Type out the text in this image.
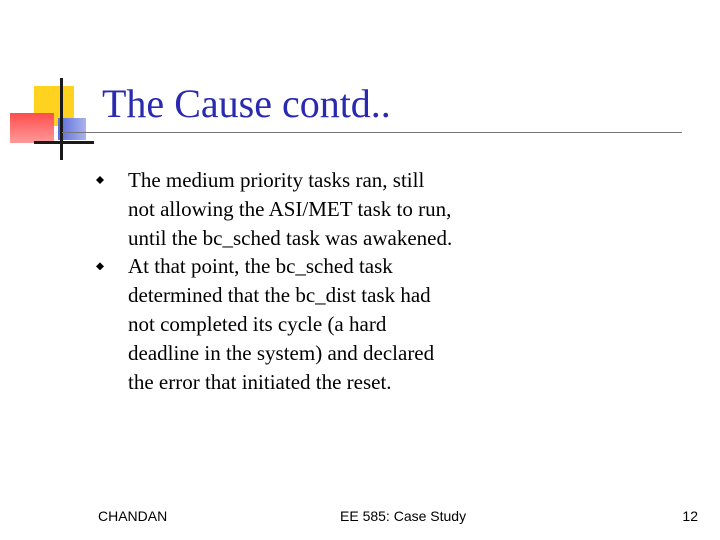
The Cause contd..
The medium priority tasks ran, still not allowing the ASI/MET task to run, until the bc_sched task was awakened.
At that point, the bc_sched task determined that the bc_dist task had not completed its cycle (a hard deadline in the system) and declared the error that initiated the reset.
CHANDAN	EE 585: Case Study	12
